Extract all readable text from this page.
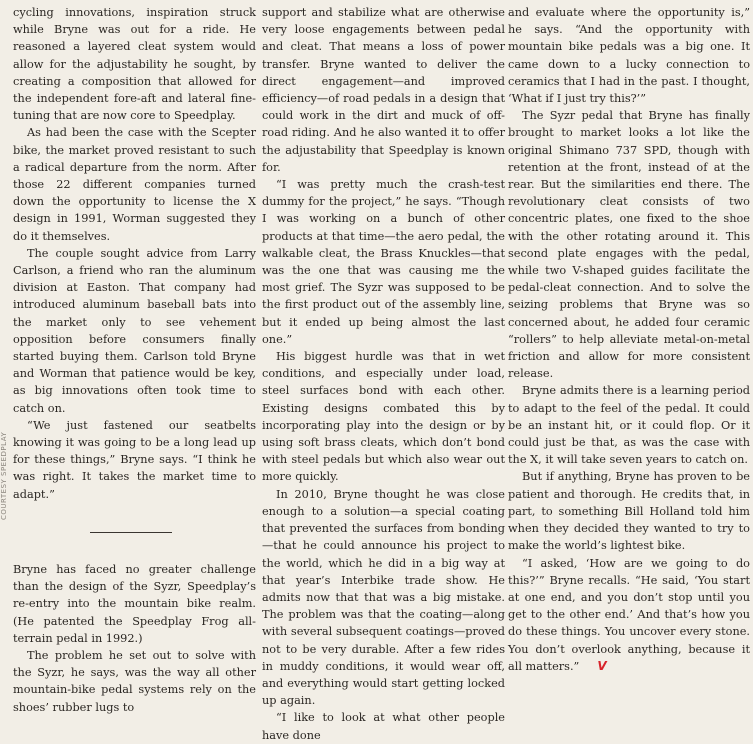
COURTESY SPEEDPLAY

cycling innovations, inspiration struck while Bryne was out for a ride. He reasoned a layered cleat system would allow for the adjustability he sought, by creating a composition that allowed for the independent fore-aft and lateral fine-tuning that are now core to Speedplay.

As had been the case with the Scepter bike, the market proved resistant to such a radical departure from the norm. After those 22 different companies turned down the opportunity to license the X design in 1991, Worman suggested they do it themselves.

The couple sought advice from Larry Carlson, a friend who ran the aluminum division at Easton. That company had introduced aluminum baseball bats into the market only to see vehement opposition before consumers finally started buying them. Carlson told Bryne and Worman that patience would be key, as big innovations often took time to catch on.

“We just fastened our seatbelts knowing it was going to be a long lead up for these things,” Bryne says. “I think he was right. It takes the market time to adapt.”

Bryne has faced no greater challenge than the design of the Syzr, Speedplay’s re-entry into the mountain bike realm. (He patented the Speedplay Frog all-terrain pedal in 1992.)

The problem he set out to solve with the Syzr, he says, was the way all other mountain-bike pedal systems rely on the shoes’ rubber lugs to

support and stabilize what are otherwise very loose engagements between pedal and cleat. That means a loss of power transfer. Bryne wanted to deliver the direct engagement—and improved efficiency—of road pedals in a design that could work in the dirt and muck of off-road riding. And he also wanted it to offer the adjustability that Speedplay is known for.

“I was pretty much the crash-test dummy for the project,” he says. “Though I was working on a bunch of other products at that time—the aero pedal, the walkable cleat, the Brass Knuckles—that was the one that was causing me the most grief. The Syzr was supposed to be the first product out of the assembly line, but it ended up being almost the last one.”

His biggest hurdle was that in wet conditions, and especially under load, steel surfaces bond with each other. Existing designs combated this by incorporating play into the design or by using soft brass cleats, which don’t bond with steel pedals but which also wear out more quickly.

In 2010, Bryne thought he was close enough to a solution—a special coating that prevented the surfaces from bonding—that he could announce his project to the world, which he did in a big way at that year’s Interbike trade show. He admits now that that was a big mistake. The problem was that the coating—along with several subsequent coatings—proved not to be very durable. After a few rides in muddy conditions, it would wear off, and everything would start getting locked up again.

“I like to look at what other people have done

and evaluate where the opportunity is,” he says. “And the opportunity with mountain bike pedals was a big one. It came down to a lucky connection to ceramics that I had in the past. I thought, ‘What if I just try this?’”

The Syzr pedal that Bryne has finally brought to market looks a lot like the original Shimano 737 SPD, though with retention at the front, instead of at the rear. But the similarities end there. The revolutionary cleat consists of two concentric plates, one fixed to the shoe with the other rotating around it. This second plate engages with the pedal, while two V-shaped guides facilitate the pedal-cleat connection. And to solve the seizing problems that Bryne was so concerned about, he added four ceramic “rollers” to help alleviate metal-on-metal friction and allow for more consistent release.

Bryne admits there is a learning period to adapt to the feel of the pedal. It could be an instant hit, or it could flop. Or it could just be that, as was the case with the X, it will take seven years to catch on.

But if anything, Bryne has proven to be patient and thorough. He credits that, in part, to something Bill Holland told him when they decided they wanted to try to make the world’s lightest bike.

“I asked, ‘How are we going to do this?’” Bryne recalls. “He said, ‘You start at one end, and you don’t stop until you get to the other end.’ And that’s how you do these things. You uncover every stone. You don’t overlook anything, because it all matters.” V
